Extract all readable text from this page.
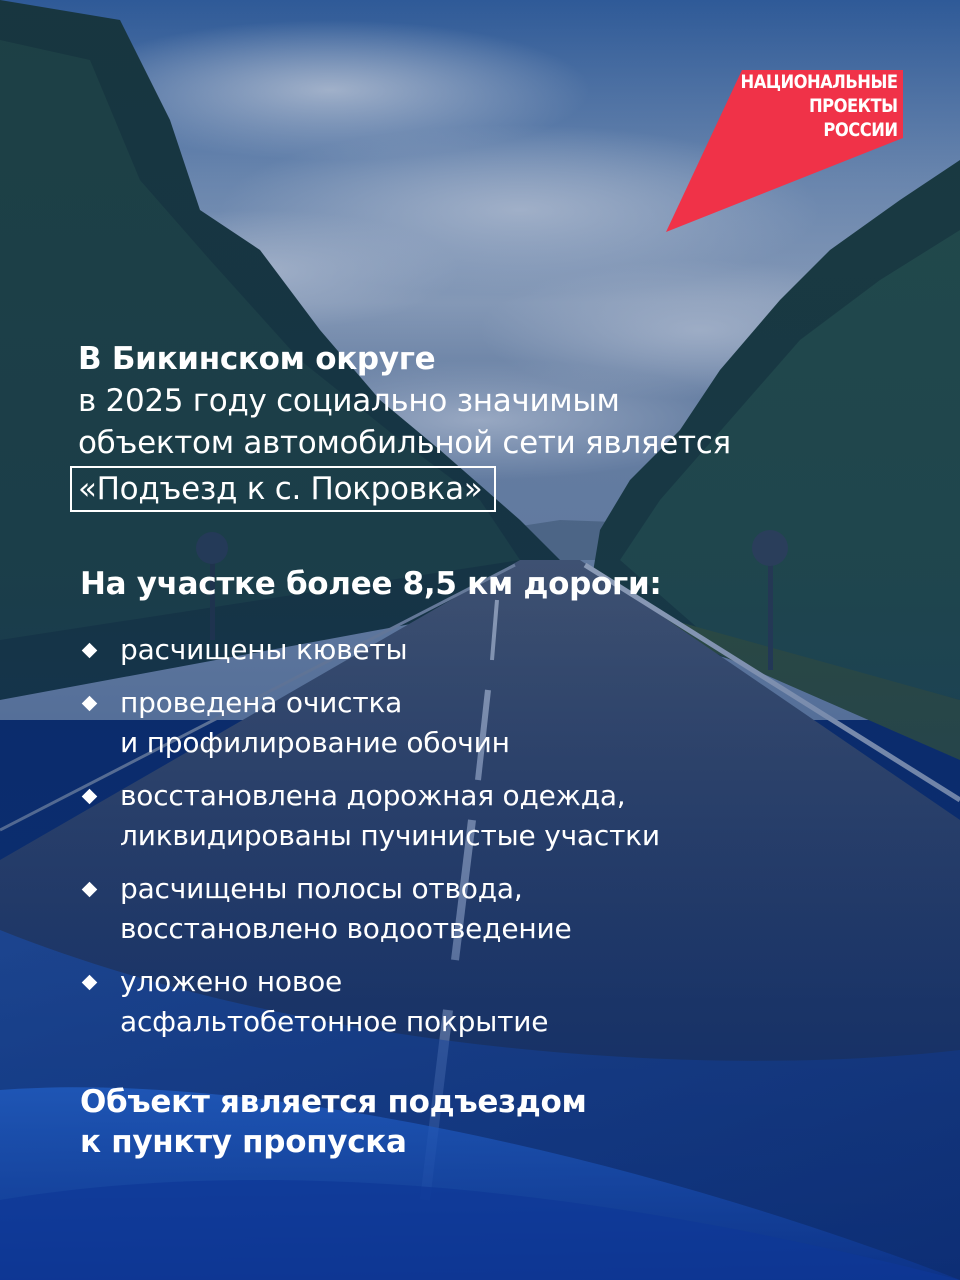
НАЦИОНАЛЬНЫЕ
ПРОЕКТЫ
РОССИИ
В Бикинском округе
в 2025 году социально значимым
объектом автомобильной сети является
«Подъезд к с. Покровка»
На участке более 8,5 км дороги:
расчищены кюветы
проведена очистка
и профилирование обочин
восстановлена дорожная одежда,
ликвидированы пучинистые участки
расчищены полосы отвода,
восстановлено водоотведение
уложено новое
асфальтобетонное покрытие
Объект является подъездом
к пункту пропуска
